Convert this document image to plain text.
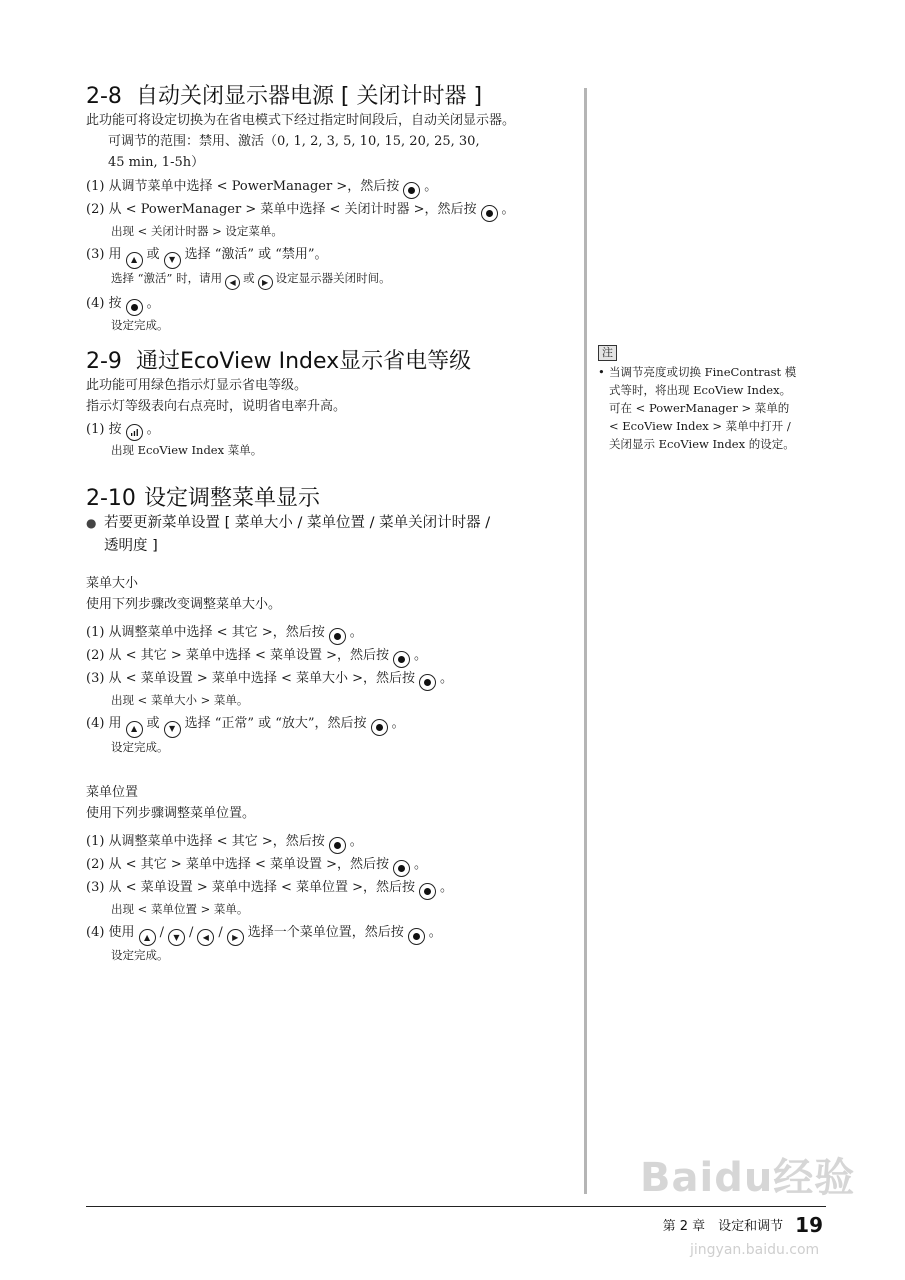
2-8 自动关闭显示器电源 [ 关闭计时器 ]

此功能可将设定切换为在省电模式下经过指定时间段后，自动关闭显示器。

可调节的范围：禁用、激活（0, 1, 2, 3, 5, 10, 15, 20, 25, 30,

45 min, 1-5h）

(1) 从调节菜单中选择 < PowerManager >，然后按 。
(2) 从 < PowerManager > 菜单中选择 < 关闭计时器 >，然后按 。
出现 < 关闭计时器 > 设定菜单。
(3) 用 ▲ 或 ▼ 选择 “激活” 或 “禁用”。
选择 “激活” 时，请用 ◀ 或 ▶ 设定显示器关闭时间。
(4) 按 。
设定完成。
2-9 通过EcoView Index显示省电等级

此功能可用绿色指示灯显示省电等级。

指示灯等级表向右点亮时，说明省电率升高。

(1) 按 。
出现 EcoView Index 菜单。
2-10 设定调整菜单显示
● 若要更新菜单设置 [ 菜单大小 / 菜单位置 / 菜单关闭计时器 /
透明度 ]
菜单大小

使用下列步骤改变调整菜单大小。

(1) 从调整菜单中选择 < 其它 >，然后按 。
(2) 从 < 其它 > 菜单中选择 < 菜单设置 >，然后按 。
(3) 从 < 菜单设置 > 菜单中选择 < 菜单大小 >，然后按 。
出现 < 菜单大小 > 菜单。
(4) 用 ▲ 或 ▼ 选择 “正常” 或 “放大”，然后按 。
设定完成。
菜单位置

使用下列步骤调整菜单位置。

(1) 从调整菜单中选择 < 其它 >，然后按 。
(2) 从 < 其它 > 菜单中选择 < 菜单设置 >，然后按 。
(3) 从 < 菜单设置 > 菜单中选择 < 菜单位置 >，然后按 。
出现 < 菜单位置 > 菜单。
(4) 使用 ▲ / ▼ / ◀ / ▶ 选择一个菜单位置，然后按 。
设定完成。
注
• 当调节亮度或切换 FineContrast 模
式等时，将出现 EcoView Index。
可在 < PowerManager > 菜单的
< EcoView Index > 菜单中打开 /
关闭显示 EcoView Index 的设定。
Baidu经验
第 2 章　设定和调节 19
jingyan.baidu.com
